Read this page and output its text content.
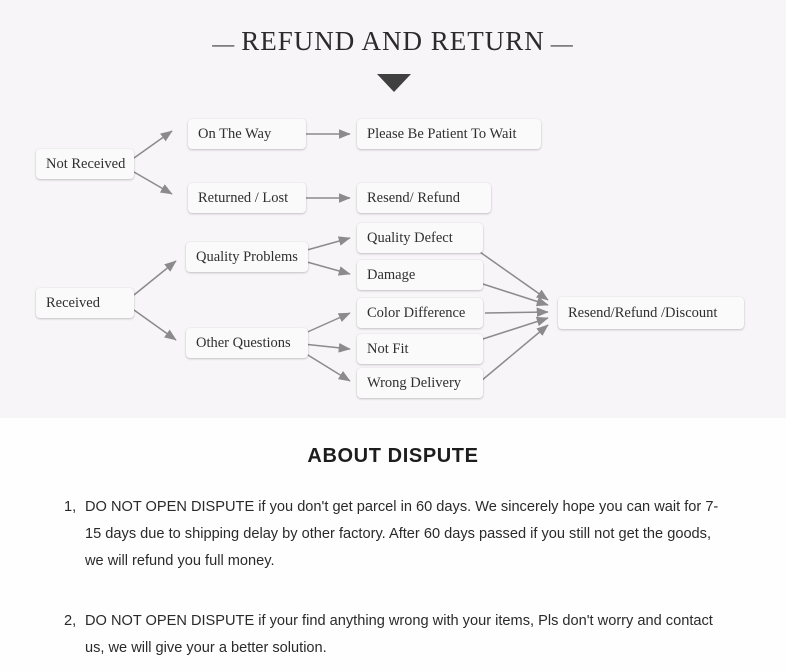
— REFUND AND RETURN —
Not Received
Received
On The Way
Returned / Lost
Quality Problems
Other Questions
Please Be Patient To Wait
Resend/ Refund
Quality Defect
Damage
Color Difference
Not Fit
Wrong Delivery
Resend/Refund /Discount
ABOUT DISPUTE
1, DO NOT OPEN DISPUTE if you don't get parcel in 60 days. We sincerely hope you can wait for 7-15 days due to shipping delay by other factory. After 60 days passed if you still not get the goods, we will refund you full money.
2, DO NOT OPEN DISPUTE if your find anything wrong with your items, Pls don't worry and contact us, we will give your a better solution.
